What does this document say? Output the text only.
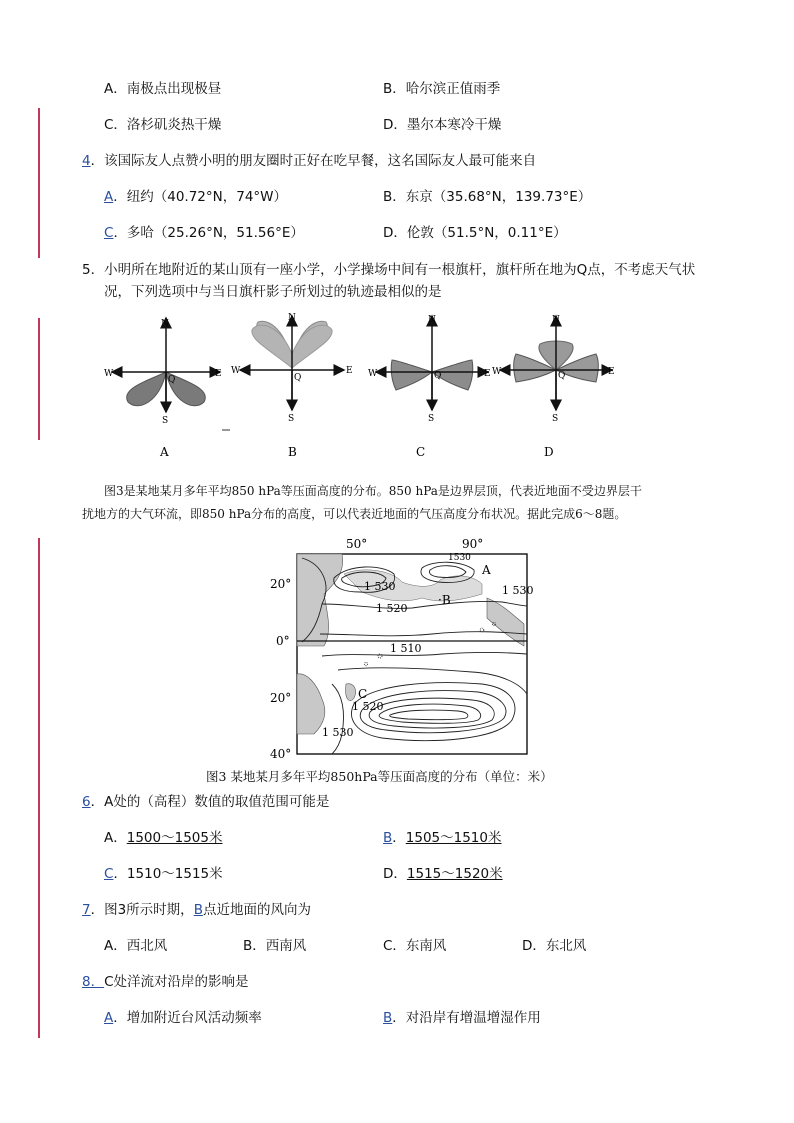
A．南极点出现极昼	B．哈尔滨正值雨季
C．洛杉矶炎热干燥	D．墨尔本寒冷干燥
4．该国际友人点赞小明的朋友圈时正好在吃早餐，这名国际友人最可能来自
A．纽约（40.72°N，74°W）	B．东京（35.68°N，139.73°E）
C．多哈（25.26°N，51.56°E）	D．伦敦（51.5°N，0.11°E）
5．小明所在地附近的某山顶有一座小学，小学操场中间有一根旗杆，旗杆所在地为Q点，不考虑天气状
况，下列选项中与当日旗杆影子所划过的轨迹最相似的是
N
S
W	E
Q
A
N
S
W	E
Q
B
N
S
W	E
Q
C
N
S
W	E
Q
D
图3是某地某月多年平均850 hPa等压面高度的分布。850 hPa是边界层顶，代表近地面不受边界层干
扰地方的大气环流，即850 hPa分布的高度，可以代表近地面的气压高度分布状况。据此完成6～8题。
50°	90°
20°
0°
20°
40°
1530
1 530
1 520
1 530
1 510
1 520
1 530
A
·B
C
图3 某地某月多年平均850hPa等压面高度的分布（单位：米）
6．A处的（高程）数值的取值范围可能是
A．1500～1505米	B．1505～1510米
C．1510～1515米	D．1515～1520米
7．图3所示时期，B点近地面的风向为
A．西北风	B．西南风	C．东南风	D．东北风
8．C处洋流对沿岸的影响是
A．增加附近台风活动频率	B．对沿岸有增温增湿作用
